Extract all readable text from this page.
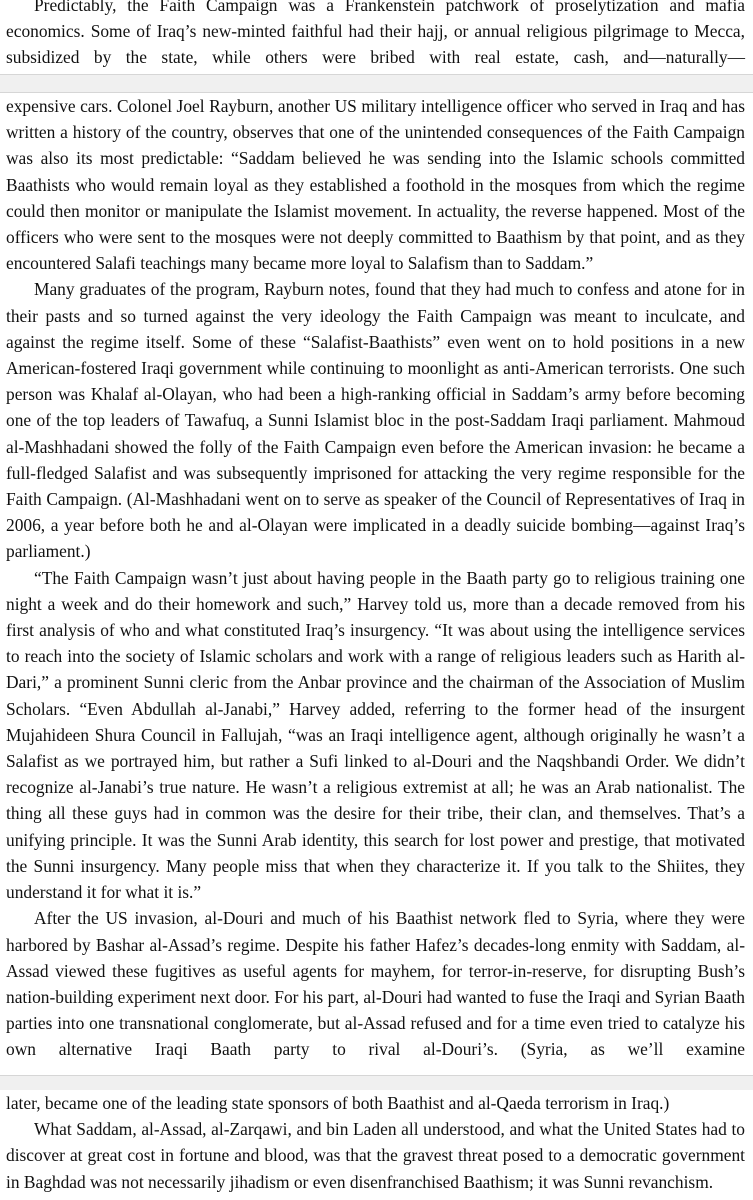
Predictably, the Faith Campaign was a Frankenstein patchwork of proselytization and mafia economics. Some of Iraq’s new-minted faithful had their hajj, or annual religious pilgrimage to Mecca, subsidized by the state, while others were bribed with real estate, cash, and—naturally—

expensive cars. Colonel Joel Rayburn, another US military intelligence officer who served in Iraq and has written a history of the country, observes that one of the unintended consequences of the Faith Campaign was also its most predictable: “Saddam believed he was sending into the Islamic schools committed Baathists who would remain loyal as they established a foothold in the mosques from which the regime could then monitor or manipulate the Islamist movement. In actuality, the reverse happened. Most of the officers who were sent to the mosques were not deeply committed to Baathism by that point, and as they encountered Salafi teachings many became more loyal to Salafism than to Saddam.”

Many graduates of the program, Rayburn notes, found that they had much to confess and atone for in their pasts and so turned against the very ideology the Faith Campaign was meant to inculcate, and against the regime itself. Some of these “Salafist-Baathists” even went on to hold positions in a new American-fostered Iraqi government while continuing to moonlight as anti-American terrorists. One such person was Khalaf al-Olayan, who had been a high-ranking official in Saddam’s army before becoming one of the top leaders of Tawafuq, a Sunni Islamist bloc in the post-Saddam Iraqi parliament. Mahmoud al-Mashhadani showed the folly of the Faith Campaign even before the American invasion: he became a full-fledged Salafist and was subsequently imprisoned for attacking the very regime responsible for the Faith Campaign. (Al-Mashhadani went on to serve as speaker of the Council of Representatives of Iraq in 2006, a year before both he and al-Olayan were implicated in a deadly suicide bombing—against Iraq’s parliament.)

“The Faith Campaign wasn’t just about having people in the Baath party go to religious training one night a week and do their homework and such,” Harvey told us, more than a decade removed from his first analysis of who and what constituted Iraq’s insurgency. “It was about using the intelligence services to reach into the society of Islamic scholars and work with a range of religious leaders such as Harith al-Dari,” a prominent Sunni cleric from the Anbar province and the chairman of the Association of Muslim Scholars. “Even Abdullah al-Janabi,” Harvey added, referring to the former head of the insurgent Mujahideen Shura Council in Fallujah, “was an Iraqi intelligence agent, although originally he wasn’t a Salafist as we portrayed him, but rather a Sufi linked to al-Douri and the Naqshbandi Order. We didn’t recognize al-Janabi’s true nature. He wasn’t a religious extremist at all; he was an Arab nationalist. The thing all these guys had in common was the desire for their tribe, their clan, and themselves. That’s a unifying principle. It was the Sunni Arab identity, this search for lost power and prestige, that motivated the Sunni insurgency. Many people miss that when they characterize it. If you talk to the Shiites, they understand it for what it is.”

After the US invasion, al-Douri and much of his Baathist network fled to Syria, where they were harbored by Bashar al-Assad’s regime. Despite his father Hafez’s decades-long enmity with Saddam, al-Assad viewed these fugitives as useful agents for mayhem, for terror-in-reserve, for disrupting Bush’s nation-building experiment next door. For his part, al-Douri had wanted to fuse the Iraqi and Syrian Baath parties into one transnational conglomerate, but al-Assad refused and for a time even tried to catalyze his own alternative Iraqi Baath party to rival al-Douri’s. (Syria, as we’ll examine

later, became one of the leading state sponsors of both Baathist and al-Qaeda terrorism in Iraq.)

What Saddam, al-Assad, al-Zarqawi, and bin Laden all understood, and what the United States had to discover at great cost in fortune and blood, was that the gravest threat posed to a democratic government in Baghdad was not necessarily jihadism or even disenfranchised Baathism; it was Sunni revanchism.
